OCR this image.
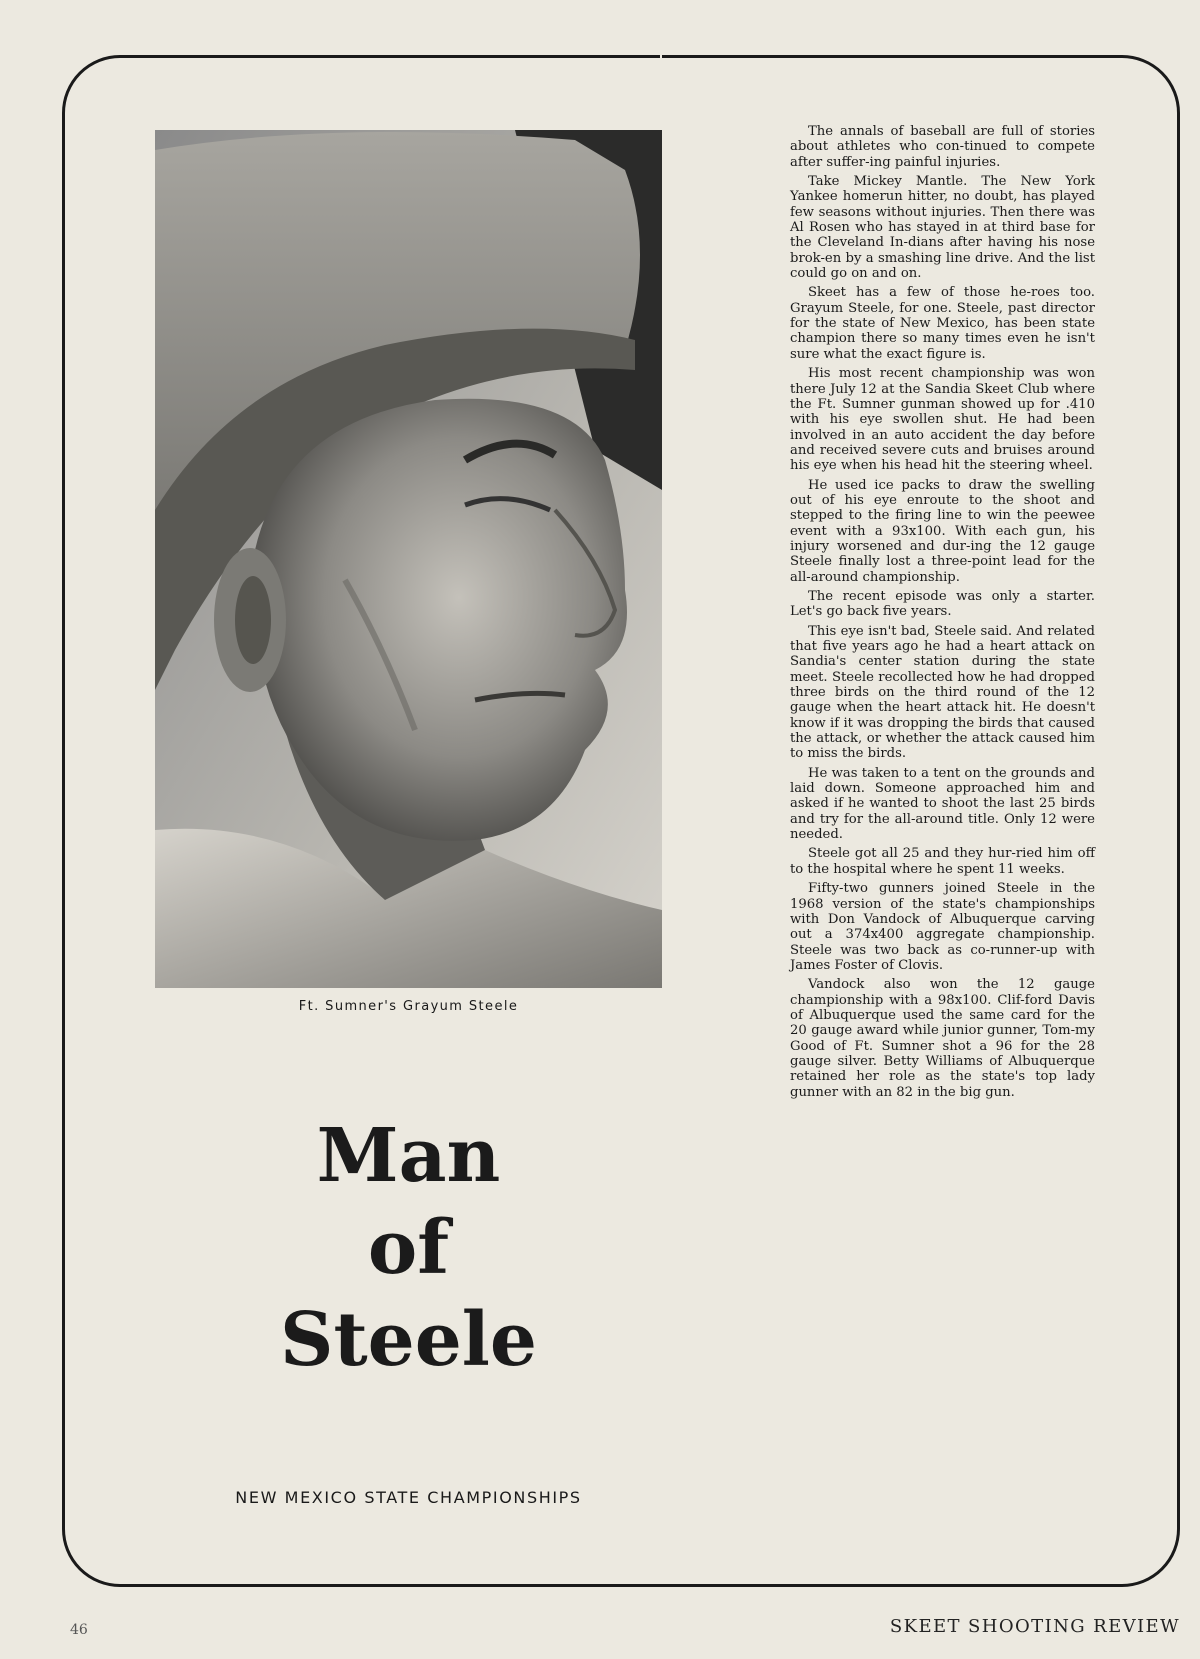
Ft. Sumner's Grayum Steele
Man
of
Steele
NEW MEXICO STATE CHAMPIONSHIPS

The annals of baseball are full of stories about athletes who con-tinued to compete after suffer-ing painful injuries.

Take Mickey Mantle. The New York Yankee homerun hitter, no doubt, has played few seasons without injuries. Then there was Al Rosen who has stayed in at third base for the Cleveland In-dians after having his nose brok-en by a smashing line drive. And the list could go on and on.

Skeet has a few of those he-roes too. Grayum Steele, for one. Steele, past director for the state of New Mexico, has been state champion there so many times even he isn't sure what the exact figure is.

His most recent championship was won there July 12 at the Sandia Skeet Club where the Ft. Sumner gunman showed up for .410 with his eye swollen shut. He had been involved in an auto accident the day before and received severe cuts and bruises around his eye when his head hit the steering wheel.

He used ice packs to draw the swelling out of his eye enroute to the shoot and stepped to the firing line to win the peewee event with a 93x100. With each gun, his injury worsened and dur-ing the 12 gauge Steele finally lost a three-point lead for the all-around championship.

The recent episode was only a starter. Let's go back five years.

This eye isn't bad, Steele said. And related that five years ago he had a heart attack on Sandia's center station during the state meet. Steele recollected how he had dropped three birds on the third round of the 12 gauge when the heart attack hit. He doesn't know if it was dropping the birds that caused the attack, or whether the attack caused him to miss the birds.

He was taken to a tent on the grounds and laid down. Someone approached him and asked if he wanted to shoot the last 25 birds and try for the all-around title. Only 12 were needed.

Steele got all 25 and they hur-ried him off to the hospital where he spent 11 weeks.

Fifty-two gunners joined Steele in the 1968 version of the state's championships with Don Vandock of Albuquerque carving out a 374x400 aggregate championship. Steele was two back as co-runner-up with James Foster of Clovis.

Vandock also won the 12 gauge championship with a 98x100. Clif-ford Davis of Albuquerque used the same card for the 20 gauge award while junior gunner, Tom-my Good of Ft. Sumner shot a 96 for the 28 gauge silver. Betty Williams of Albuquerque retained her role as the state's top lady gunner with an 82 in the big gun.

46	SKEET SHOOTING REVIEW
